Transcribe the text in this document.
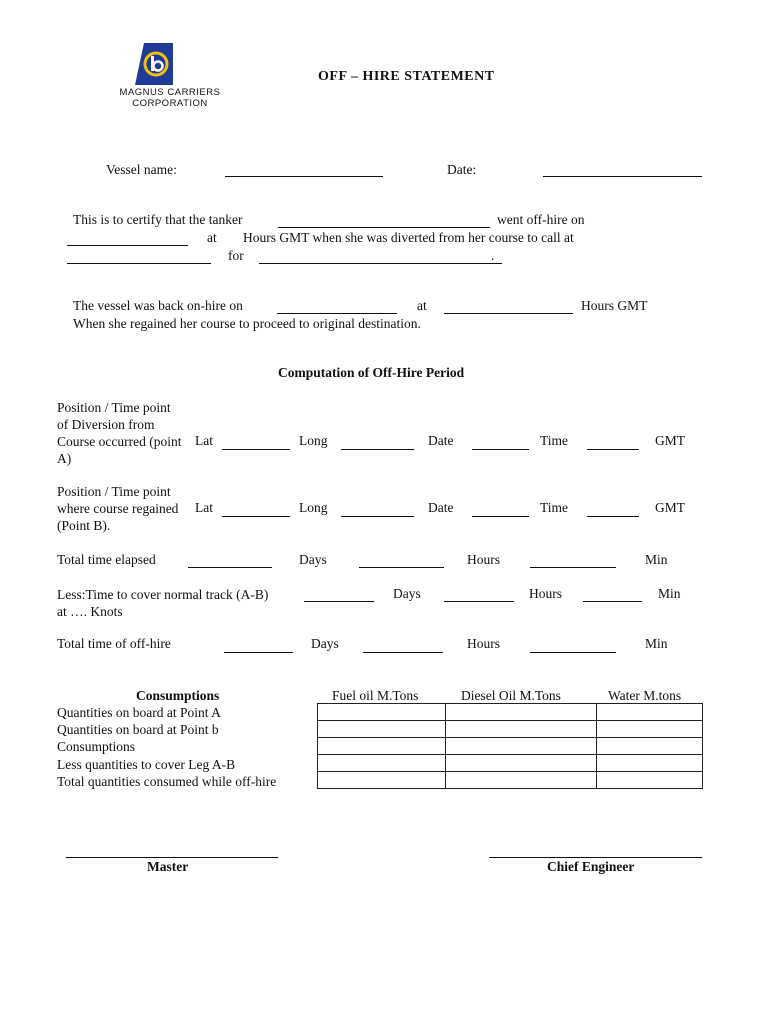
MAGNUS CARRIERS
CORPORATION
OFF – HIRE STATEMENT
Vessel name:	Date:
This is to certify that the tanker	went off-hire on
at Hours GMT when she was diverted from her course to call at
for	.
The vessel was back on-hire on	at	Hours GMT
When she regained her course to proceed to original destination.
Computation of Off-Hire Period
Position / Time point of Diversion from Course occurred (point A)
Lat	Long	Date	Time	GMT
Position / Time point where course regained (Point B).
Lat	Long	Date	Time	GMT
Total time elapsed	Days	Hours	Min
Less:Time to cover normal track (A-B) at …. Knots
Days	Hours	Min
Total time of off-hire	Days	Hours	Min
Consumptions	Fuel oil M.Tons	Diesel Oil M.Tons	Water M.tons
Quantities on board at Point A
Quantities on board at Point b
Consumptions
Less quantities to cover Leg A-B
Total quantities consumed while off-hire

Master	Chief Engineer
